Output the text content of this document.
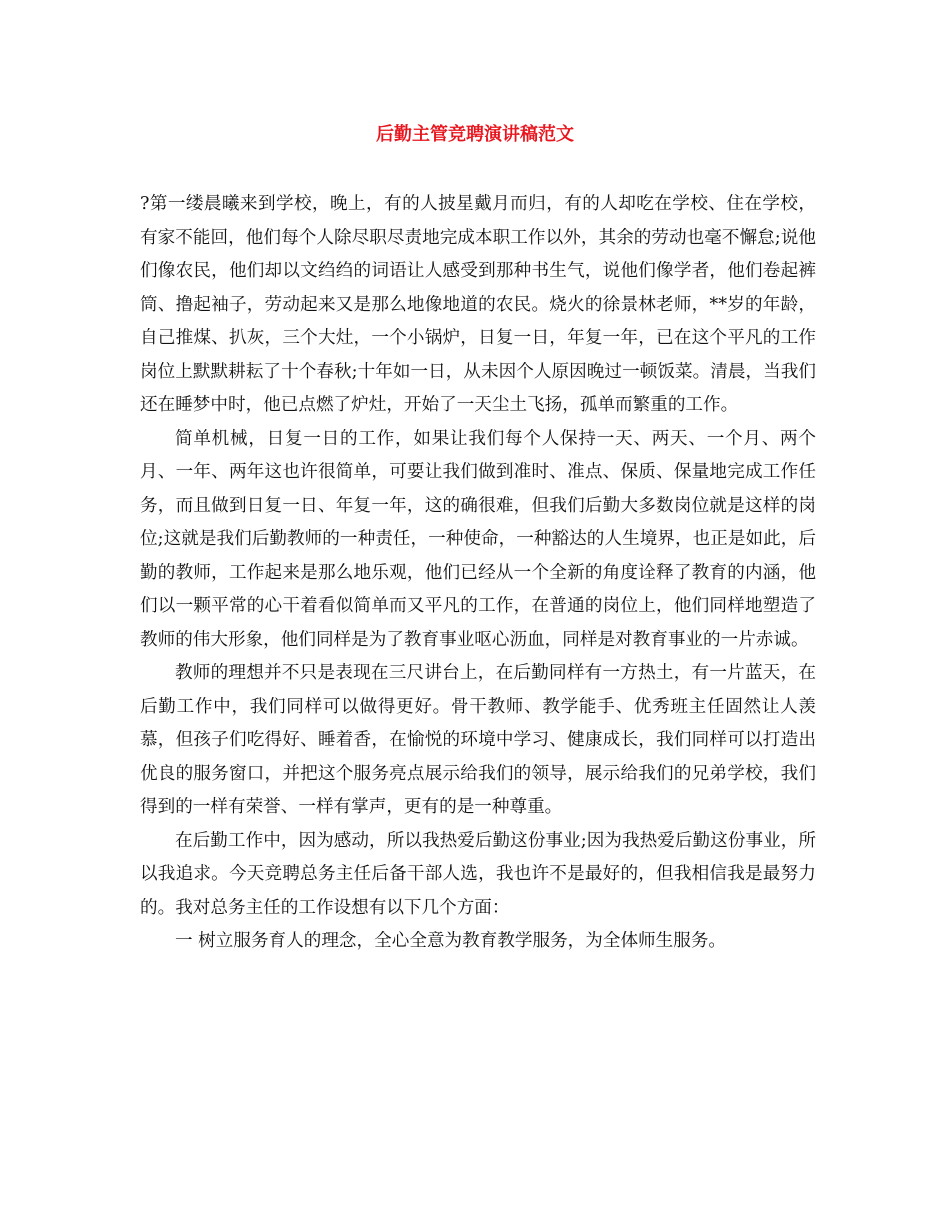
后勤主管竞聘演讲稿范文

?第一缕晨曦来到学校，晚上，有的人披星戴月而归，有的人却吃在学校、住在学校，有家不能回，他们每个人除尽职尽责地完成本职工作以外，其余的劳动也毫不懈怠;说他们像农民，他们却以文绉绉的词语让人感受到那种书生气，说他们像学者，他们卷起裤筒、撸起袖子，劳动起来又是那么地像地道的农民。烧火的徐景林老师，**岁的年龄，自己推煤、扒灰，三个大灶，一个小锅炉，日复一日，年复一年，已在这个平凡的工作岗位上默默耕耘了十个春秋;十年如一日，从未因个人原因晚过一顿饭菜。清晨，当我们还在睡梦中时，他已点燃了炉灶，开始了一天尘土飞扬，孤单而繁重的工作。

简单机械，日复一日的工作，如果让我们每个人保持一天、两天、一个月、两个月、一年、两年这也许很简单，可要让我们做到准时、准点、保质、保量地完成工作任务，而且做到日复一日、年复一年，这的确很难，但我们后勤大多数岗位就是这样的岗位;这就是我们后勤教师的一种责任，一种使命，一种豁达的人生境界，也正是如此，后勤的教师，工作起来是那么地乐观，他们已经从一个全新的角度诠释了教育的内涵，他们以一颗平常的心干着看似简单而又平凡的工作，在普通的岗位上，他们同样地塑造了教师的伟大形象，他们同样是为了教育事业呕心沥血，同样是对教育事业的一片赤诚。

教师的理想并不只是表现在三尺讲台上，在后勤同样有一方热土，有一片蓝天，在后勤工作中，我们同样可以做得更好。骨干教师、教学能手、优秀班主任固然让人羡慕，但孩子们吃得好、睡着香，在愉悦的环境中学习、健康成长，我们同样可以打造出优良的服务窗口，并把这个服务亮点展示给我们的领导，展示给我们的兄弟学校，我们得到的一样有荣誉、一样有掌声，更有的是一种尊重。

在后勤工作中，因为感动，所以我热爱后勤这份事业;因为我热爱后勤这份事业，所以我追求。今天竞聘总务主任后备干部人选，我也许不是最好的，但我相信我是最努力的。我对总务主任的工作设想有以下几个方面：

一 树立服务育人的理念，全心全意为教育教学服务，为全体师生服务。
